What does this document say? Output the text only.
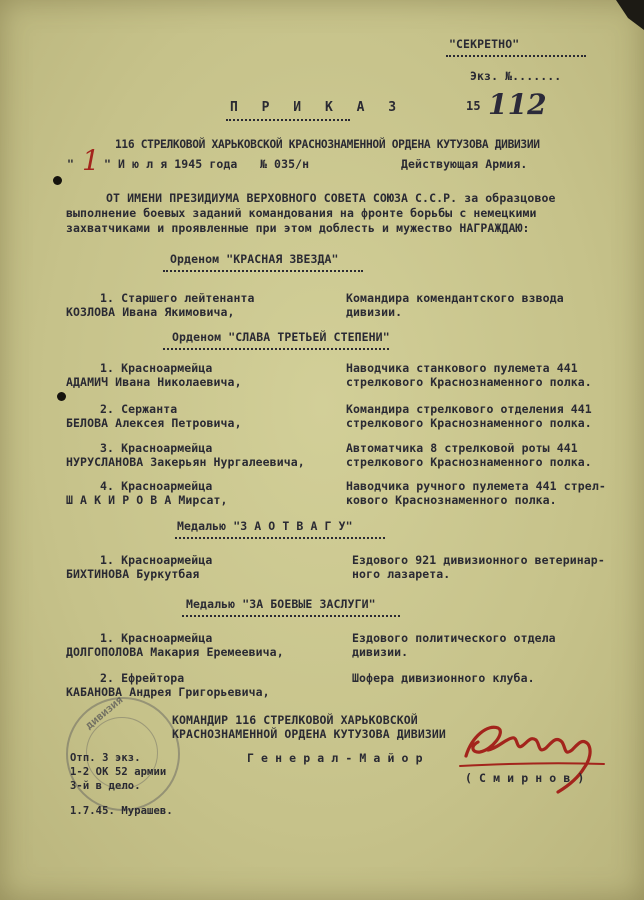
"СЕКРЕТНО"
Экз. №.......
15 112
П Р И К А З
116 СТРЕЛКОВОЙ ХАРЬКОВСКОЙ КРАСНОЗНАМЕННОЙ ОРДЕНА КУТУЗОВА ДИВИЗИИ
" 1 " И ю л я 1945 года № 035/н	Действующая Армия.
ОТ ИМЕНИ ПРЕЗИДИУМА ВЕРХОВНОГО СОВЕТА СОЮЗА С.С.Р. за образцовое
выполнение боевых заданий командования на фронте борьбы с немецкими
захватчиками и проявленные при этом доблесть и мужество НАГРАЖДАЮ:
Орденом "КРАСНАЯ ЗВЕЗДА"
1. Старшего лейтенанта
КОЗЛОВА Ивана Якимовича,
Командира комендантского взвода
дивизии.
Орденом "СЛАВА ТРЕТЬЕЙ СТЕПЕНИ"
1. Красноармейца
АДАМИЧ Ивана Николаевича,
Наводчика станкового пулемета 441
стрелкового Краснознаменного полка.
2. Сержанта
БЕЛОВА Алексея Петровича,
Командира стрелкового отделения 441
стрелкового Краснознаменного полка.
3. Красноармейца
НУРУСЛАНОВА Закерьян Нургалеевича,
Автоматчика 8 стрелковой роты 441
стрелкового Краснознаменного полка.
4. Красноармейца
Ш А К И Р О В А Мирсат,
Наводчика ручного пулемета 441 стрел-
кового Краснознаменного полка.
Медалью "З А О Т В А Г У"
1. Красноармейца
БИХТИНОВА Буркутбая
Ездового 921 дивизионного ветеринар-
ного лазарета.
Медалью "ЗА БОЕВЫЕ ЗАСЛУГИ"
1. Красноармейца
ДОЛГОПОЛОВА Макария Еремеевича,
Ездового политического отдела
дивизии.
2. Ефрейтора
КАБАНОВА Андрея Григорьевича,
Шофера дивизионного клуба.
ДИВИЗИЯ	КОМАНДИР 116 СТРЕЛКОВОЙ ХАРЬКОВСКОЙ
КРАСНОЗНАМЕННОЙ ОРДЕНА КУТУЗОВА ДИВИЗИИ
Г е н е р а л - М а й о р
( С м и р н о в )
Отп. 3 экз.
1-2 ОК 52 армии
3-й в дело.
1.7.45. Мурашев.
